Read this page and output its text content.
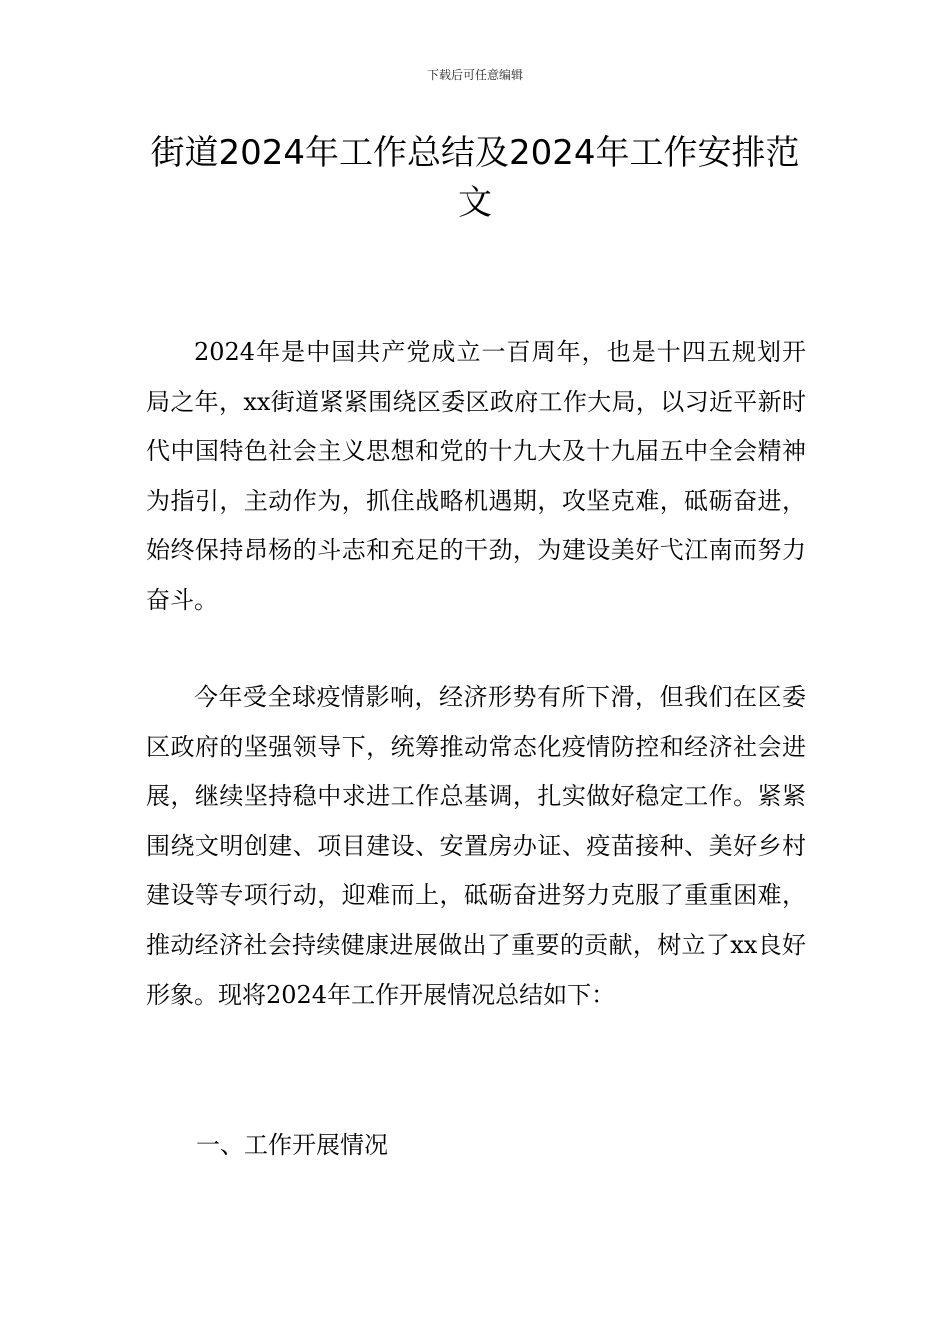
下载后可任意编辑

街道2024年工作总结及2024年工作安排范文

2024年是中国共产党成立一百周年，也是十四五规划开局之年，xx街道紧紧围绕区委区政府工作大局，以习近平新时代中国特色社会主义思想和党的十九大及十九届五中全会精神为指引，主动作为，抓住战略机遇期，攻坚克难，砥砺奋进，始终保持昂杨的斗志和充足的干劲，为建设美好弋江南而努力奋斗。

今年受全球疫情影响，经济形势有所下滑，但我们在区委区政府的坚强领导下，统筹推动常态化疫情防控和经济社会进展，继续坚持稳中求进工作总基调，扎实做好稳定工作。紧紧围绕文明创建、项目建设、安置房办证、疫苗接种、美好乡村建设等专项行动，迎难而上，砥砺奋进努力克服了重重困难，推动经济社会持续健康进展做出了重要的贡献，树立了xx良好形象。现将2024年工作开展情况总结如下：

一、工作开展情况
